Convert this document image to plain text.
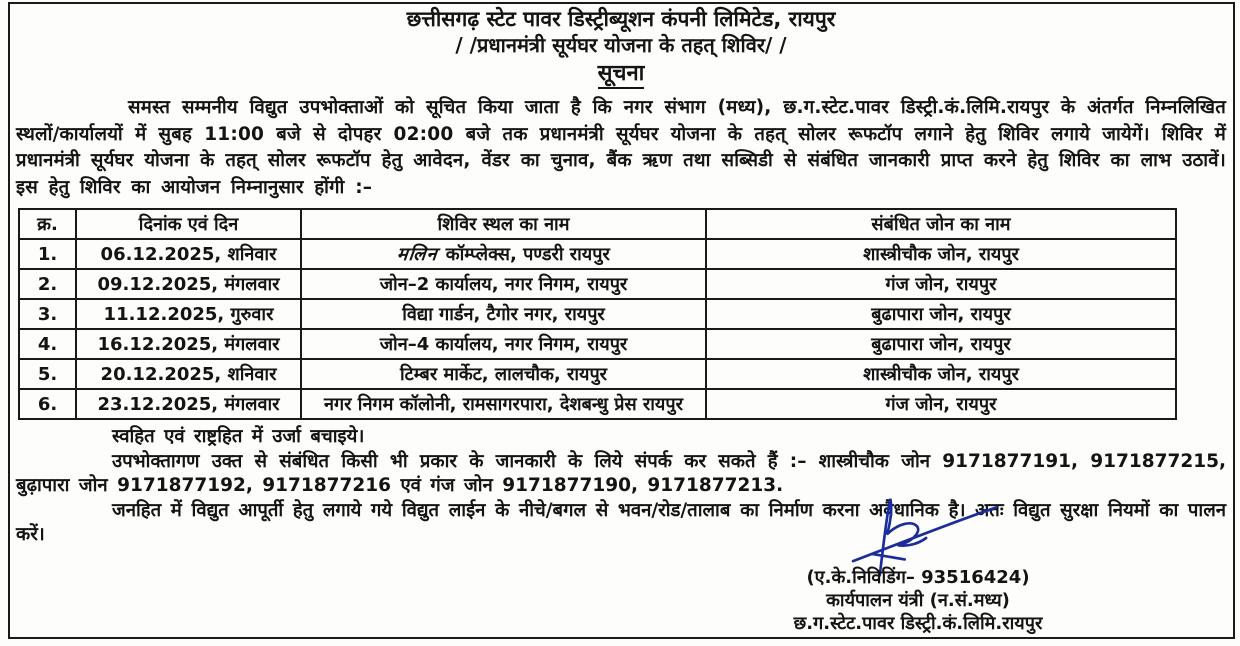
छत्तीसगढ़ स्टेट पावर डिस्ट्रीब्यूशन कंपनी लिमिटेड, रायपुर
/ /प्रधानमंत्री सूर्यघर योजना के तहत् शिविर/ /
सूचना

समस्त सम्मनीय विद्युत उपभोक्ताओं को सूचित किया जाता है कि नगर संभाग (मध्य), छ.ग.स्टेट.पावर डिस्ट्री.कं.लिमि.रायपुर के अंतर्गत निम्नलिखित स्थलों/कार्यालयों में सुबह 11:00 बजे से दोपहर 02:00 बजे तक प्रधानमंत्री सूर्यघर योजना के तहत् सोलर रूफटॉप लगाने हेतु शिविर लगाये जायेगें। शिविर में प्रधानमंत्री सूर्यघर योजना के तहत् सोलर रूफटॉप हेतु आवेदन, वेंडर का चुनाव, बैंक ऋण तथा सब्सिडी से संबंधित जानकारी प्राप्त करने हेतु शिविर का लाभ उठावें। इस हेतु शिविर का आयोजन निम्नानुसार होंगी :–

क्र.	दिनांक एवं दिन	शिविर स्थल का नाम	संबंधित जोन का नाम
1.	06.12.2025, शनिवार	मलिन कॉम्प्लेक्स, पण्डरी रायपुर	शास्त्रीचौक जोन, रायपुर
2.	09.12.2025, मंगलवार	जोन–2 कार्यालय, नगर निगम, रायपुर	गंज जोन, रायपुर
3.	11.12.2025, गुरुवार	विद्या गार्डन, टैगोर नगर, रायपुर	बुढापारा जोन, रायपुर
4.	16.12.2025, मंगलवार	जोन–4 कार्यालय, नगर निगम, रायपुर	बुढापारा जोन, रायपुर
5.	20.12.2025, शनिवार	टिम्बर मार्केट, लालचौक, रायपुर	शास्त्रीचौक जोन, रायपुर
6.	23.12.2025, मंगलवार	नगर निगम कॉलोनी, रामसागरपारा, देशबन्धु प्रेस रायपुर	गंज जोन, रायपुर

स्वहित एवं राष्ट्रहित में उर्जा बचाइये।

उपभोक्तागण उक्त से संबंधित किसी भी प्रकार के जानकारी के लिये संपर्क कर सकते हैं :– शास्त्रीचौक जोन 9171877191, 9171877215, बुढ़ापारा जोन 9171877192, 9171877216 एवं गंज जोन 9171877190, 9171877213.

जनहित में विद्युत आपूर्ती हेतु लगाये गये विद्युत लाईन के नीचे/बगल से भवन/रोड/तालाब का निर्माण करना अवैधानिक है। अतः विद्युत सुरक्षा नियमों का पालन करें।

(ए.के.निविडिंग– 93516424)
कार्यपालन यंत्री (न.सं.मध्य)
छ.ग.स्टेट.पावर डिस्ट्री.कं.लिमि.रायपुर
